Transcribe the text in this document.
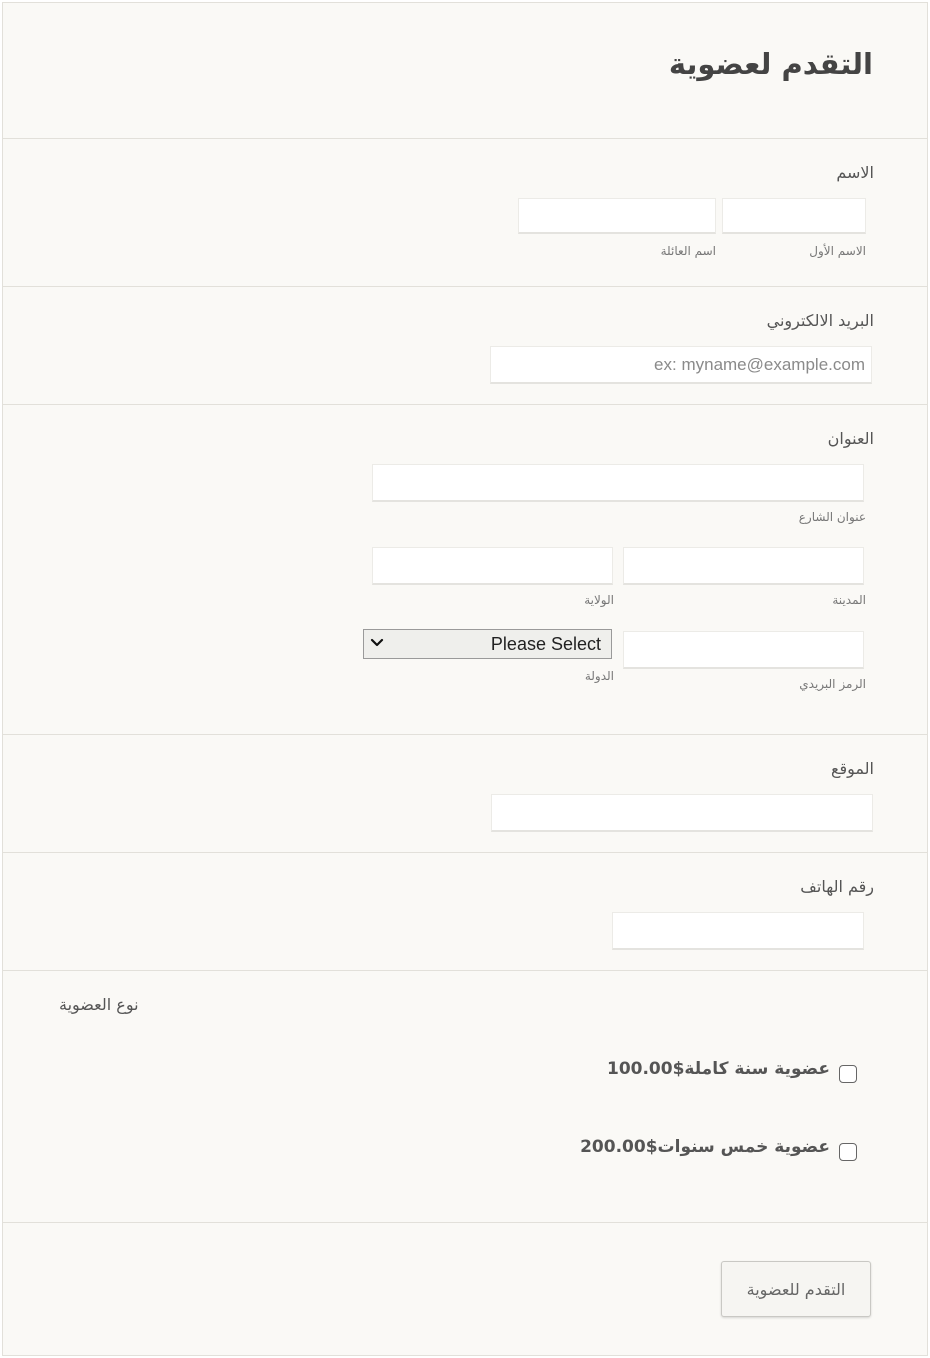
التقدم لعضوية
الاسم
الاسم الأول
اسم العائلة
البريد الالكتروني
ex: myname@example.com
العنوان
عنوان الشارع
المدينة
الولاية
Please Select
الدولة
الرمز البريدي
الموقع
رقم الهاتف
نوع العضوية
عضوية سنة كاملة$100.00
عضوية خمس سنوات$200.00
التقدم للعضوية
